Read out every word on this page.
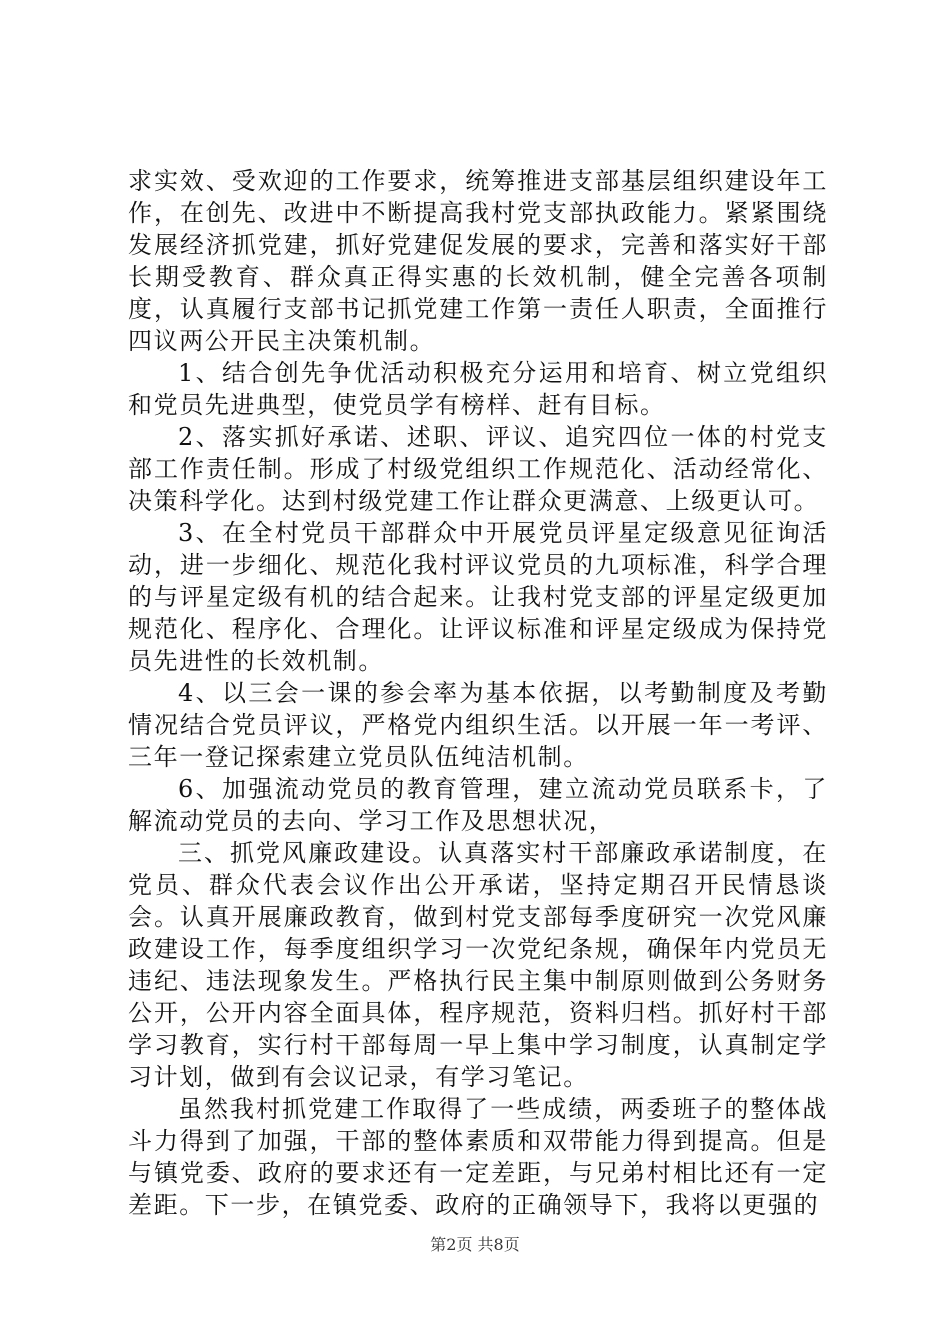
求实效、受欢迎的工作要求，统筹推进支部基层组织建设年工作，在创先、改进中不断提高我村党支部执政能力。紧紧围绕发展经济抓党建，抓好党建促发展的要求，完善和落实好干部长期受教育、群众真正得实惠的长效机制，健全完善各项制度，认真履行支部书记抓党建工作第一责任人职责，全面推行四议两公开民主决策机制。

1、结合创先争优活动积极充分运用和培育、树立党组织和党员先进典型，使党员学有榜样、赶有目标。

2、落实抓好承诺、述职、评议、追究四位一体的村党支部工作责任制。形成了村级党组织工作规范化、活动经常化、决策科学化。达到村级党建工作让群众更满意、上级更认可。

3、在全村党员干部群众中开展党员评星定级意见征询活动，进一步细化、规范化我村评议党员的九项标准，科学合理的与评星定级有机的结合起来。让我村党支部的评星定级更加规范化、程序化、合理化。让评议标准和评星定级成为保持党员先进性的长效机制。

4、以三会一课的参会率为基本依据，以考勤制度及考勤情况结合党员评议，严格党内组织生活。以开展一年一考评、三年一登记探索建立党员队伍纯洁机制。

6、加强流动党员的教育管理，建立流动党员联系卡，了解流动党员的去向、学习工作及思想状况，

三、抓党风廉政建设。认真落实村干部廉政承诺制度，在党员、群众代表会议作出公开承诺，坚持定期召开民情恳谈会。认真开展廉政教育，做到村党支部每季度研究一次党风廉政建设工作，每季度组织学习一次党纪条规，确保年内党员无违纪、违法现象发生。严格执行民主集中制原则做到公务财务公开，公开内容全面具体，程序规范，资料归档。抓好村干部学习教育，实行村干部每周一早上集中学习制度，认真制定学习计划，做到有会议记录，有学习笔记。

虽然我村抓党建工作取得了一些成绩，两委班子的整体战斗力得到了加强，干部的整体素质和双带能力得到提高。但是与镇党委、政府的要求还有一定差距，与兄弟村相比还有一定差距。下一步，在镇党委、政府的正确领导下，我将以更强的

第2页 共8页
